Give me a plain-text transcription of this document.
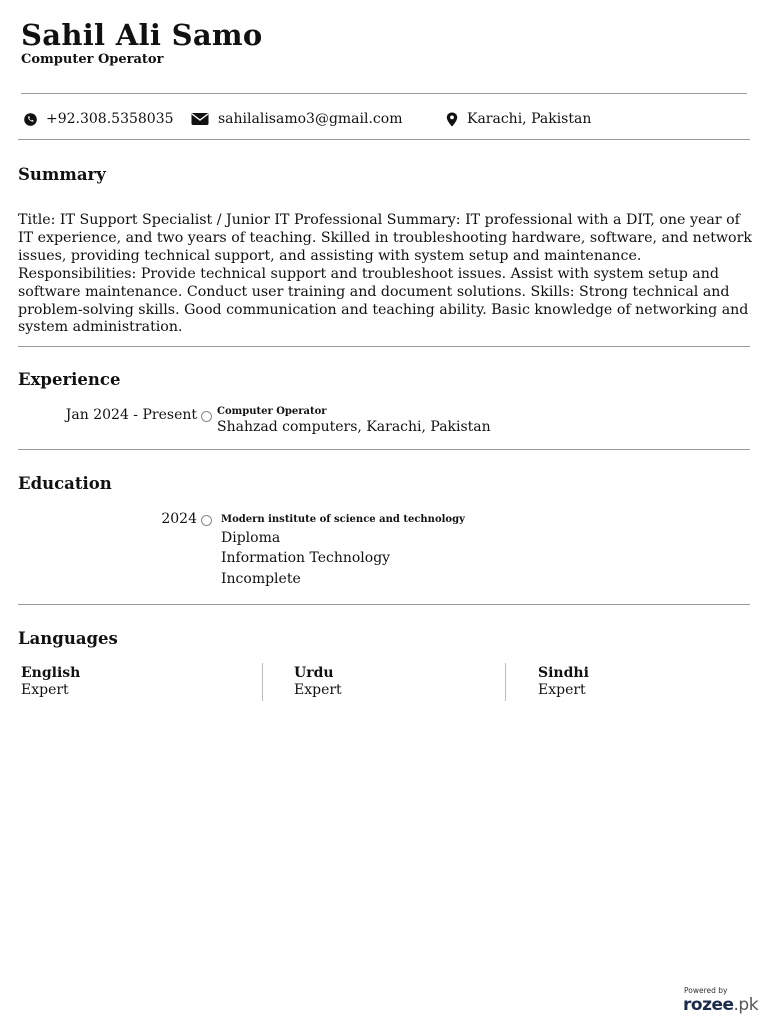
Sahil Ali Samo
Computer Operator
+92.308.5358035	sahilalisamo3@gmail.com	Karachi, Pakistan
Summary
Title: IT Support Specialist / Junior IT Professional Summary: IT professional with a DIT, one year of IT experience, and two years of teaching. Skilled in troubleshooting hardware, software, and network issues, providing technical support, and assisting with system setup and maintenance. Responsibilities: Provide technical support and troubleshoot issues. Assist with system setup and software maintenance. Conduct user training and document solutions. Skills: Strong technical and problem-solving skills. Good communication and teaching ability. Basic knowledge of networking and system administration.
Experience
Jan 2024 - Present Computer Operator
Shahzad computers, Karachi, Pakistan
Education
2024 Modern institute of science and technology
Diploma
Information Technology
Incomplete
Languages
English
Expert
Urdu
Expert
Sindhi
Expert
Powered by
rozee.pk
